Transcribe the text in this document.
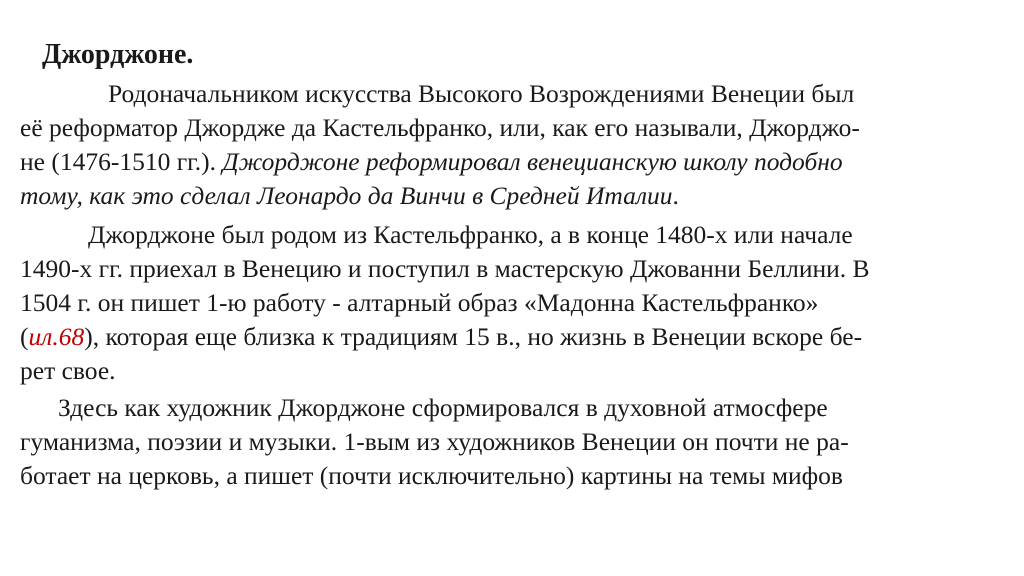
Джорджоне.
Родоначальником искусства Высокого Возрождениями Венеции был
её реформатор Джордже да Кастельфранко, или, как его называли, Джорджо-
не (1476-1510 гг.). Джорджоне реформировал венецианскую школу подобно
тому, как это сделал Леонардо да Винчи в Средней Италии.
Джорджоне был родом из Кастельфранко, а в конце 1480-х или начале
1490-х гг. приехал в Венецию и поступил в мастерскую Джованни Беллини. В
1504 г. он пишет 1-ю работу - алтарный образ «Мадонна Кастельфранко»
(ил.68), которая еще близка к традициям 15 в., но жизнь в Венеции вскоре бе-
рет свое.
Здесь как художник Джорджоне сформировался в духовной атмосфере
гуманизма, поэзии и музыки. 1-вым из художников Венеции он почти не ра-
ботает на церковь, а пишет (почти исключительно) картины на темы мифов
